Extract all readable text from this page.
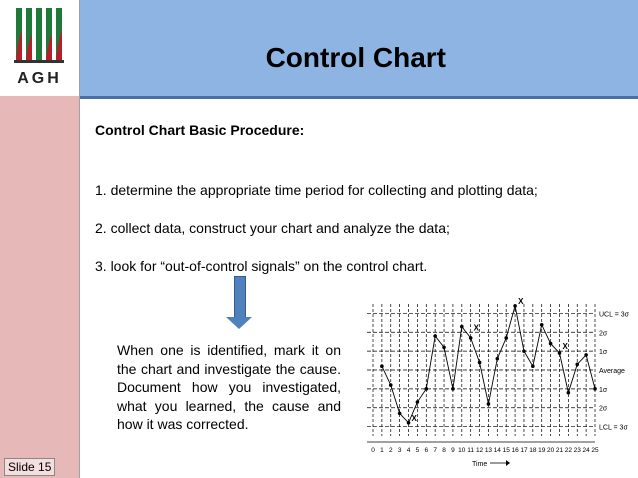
AGH
Control Chart
Control Chart Basic Procedure:
1. determine the appropriate time period for collecting and plotting data;
2. collect data, construct your chart and analyze the data;
3. look for “out-of-control signals” on the control chart.
When one is identified, mark it on the chart and investigate the cause. Document how you investigated, what you learned, the cause and how it was corrected.
Time
UCL = 3σ
2σ
1σ
Average
1σ
2σ
LCL = 3σ
0 1 2 3 4 5 6 7 8 9 10 11 12 13 14 15 16 17 18 19 20 21 22 23 24 25
X
X
X
X
Slide 15
